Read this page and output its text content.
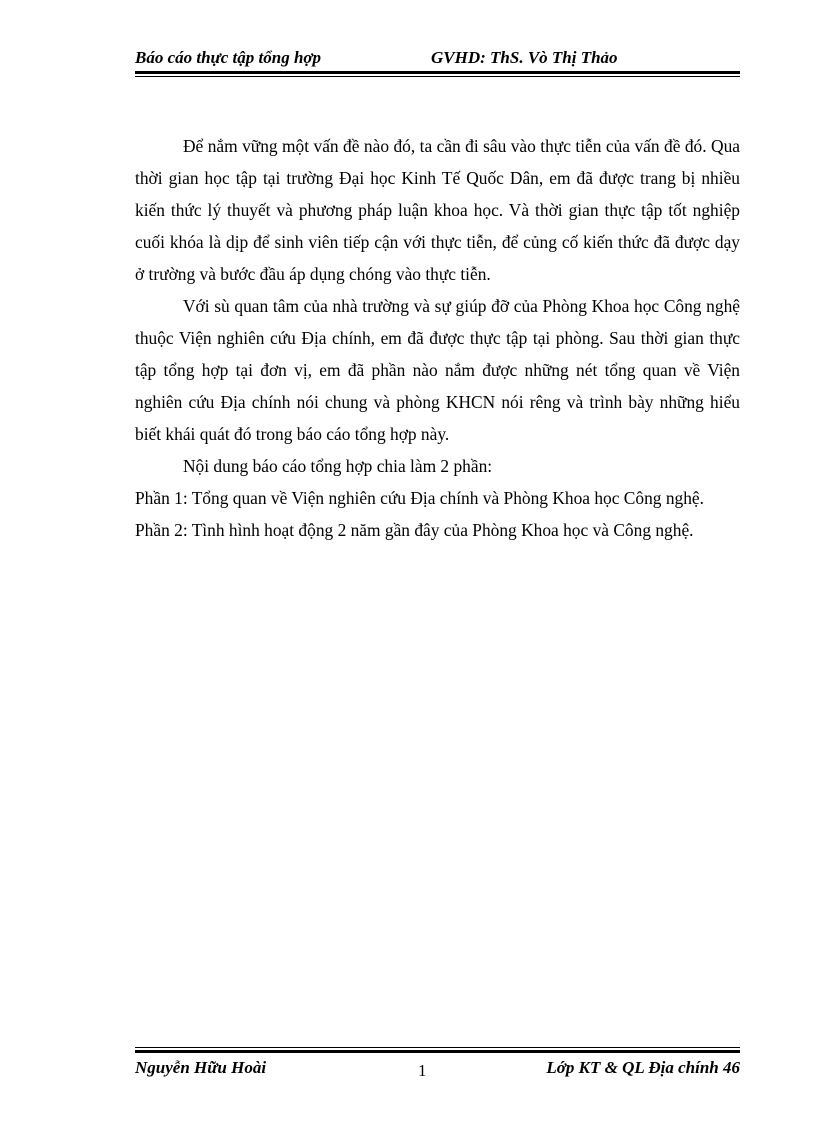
Báo cáo thực tập tổng hợp	GVHD: ThS. Vò Thị Thảo

Để nắm vững một vấn đề nào đó, ta cần đi sâu vào thực tiễn của vấn đề đó. Qua thời gian học tập tại trường Đại học Kinh Tế Quốc Dân, em đã được trang bị nhiều kiến thức lý thuyết và phương pháp luận khoa học. Và thời gian thực tập tốt nghiệp cuối khóa là dịp để sinh viên tiếp cận với thực tiễn, để củng cố kiến thức đã được dạy ở trường và bước đầu áp dụng chóng vào thực tiễn.

Với sù quan tâm của nhà trường và sự giúp đỡ của Phòng Khoa học Công nghệ thuộc Viện nghiên cứu Địa chính, em đã được thực tập tại phòng. Sau thời gian thực tập tổng hợp tại đơn vị, em đã phần nào nắm được những nét tổng quan về Viện nghiên cứu Địa chính nói chung và phòng KHCN nói rêng và trình bày những hiểu biết khái quát đó trong báo cáo tổng hợp này.

Nội dung báo cáo tổng hợp chia làm 2 phần:

Phần 1: Tổng quan về Viện nghiên cứu Địa chính và Phòng Khoa học Công nghệ.

Phần 2: Tình hình hoạt động 2 năm gần đây của Phòng Khoa học và Công nghệ.

Nguyễn Hữu Hoài	1	Lớp KT & QL Địa chính 46
